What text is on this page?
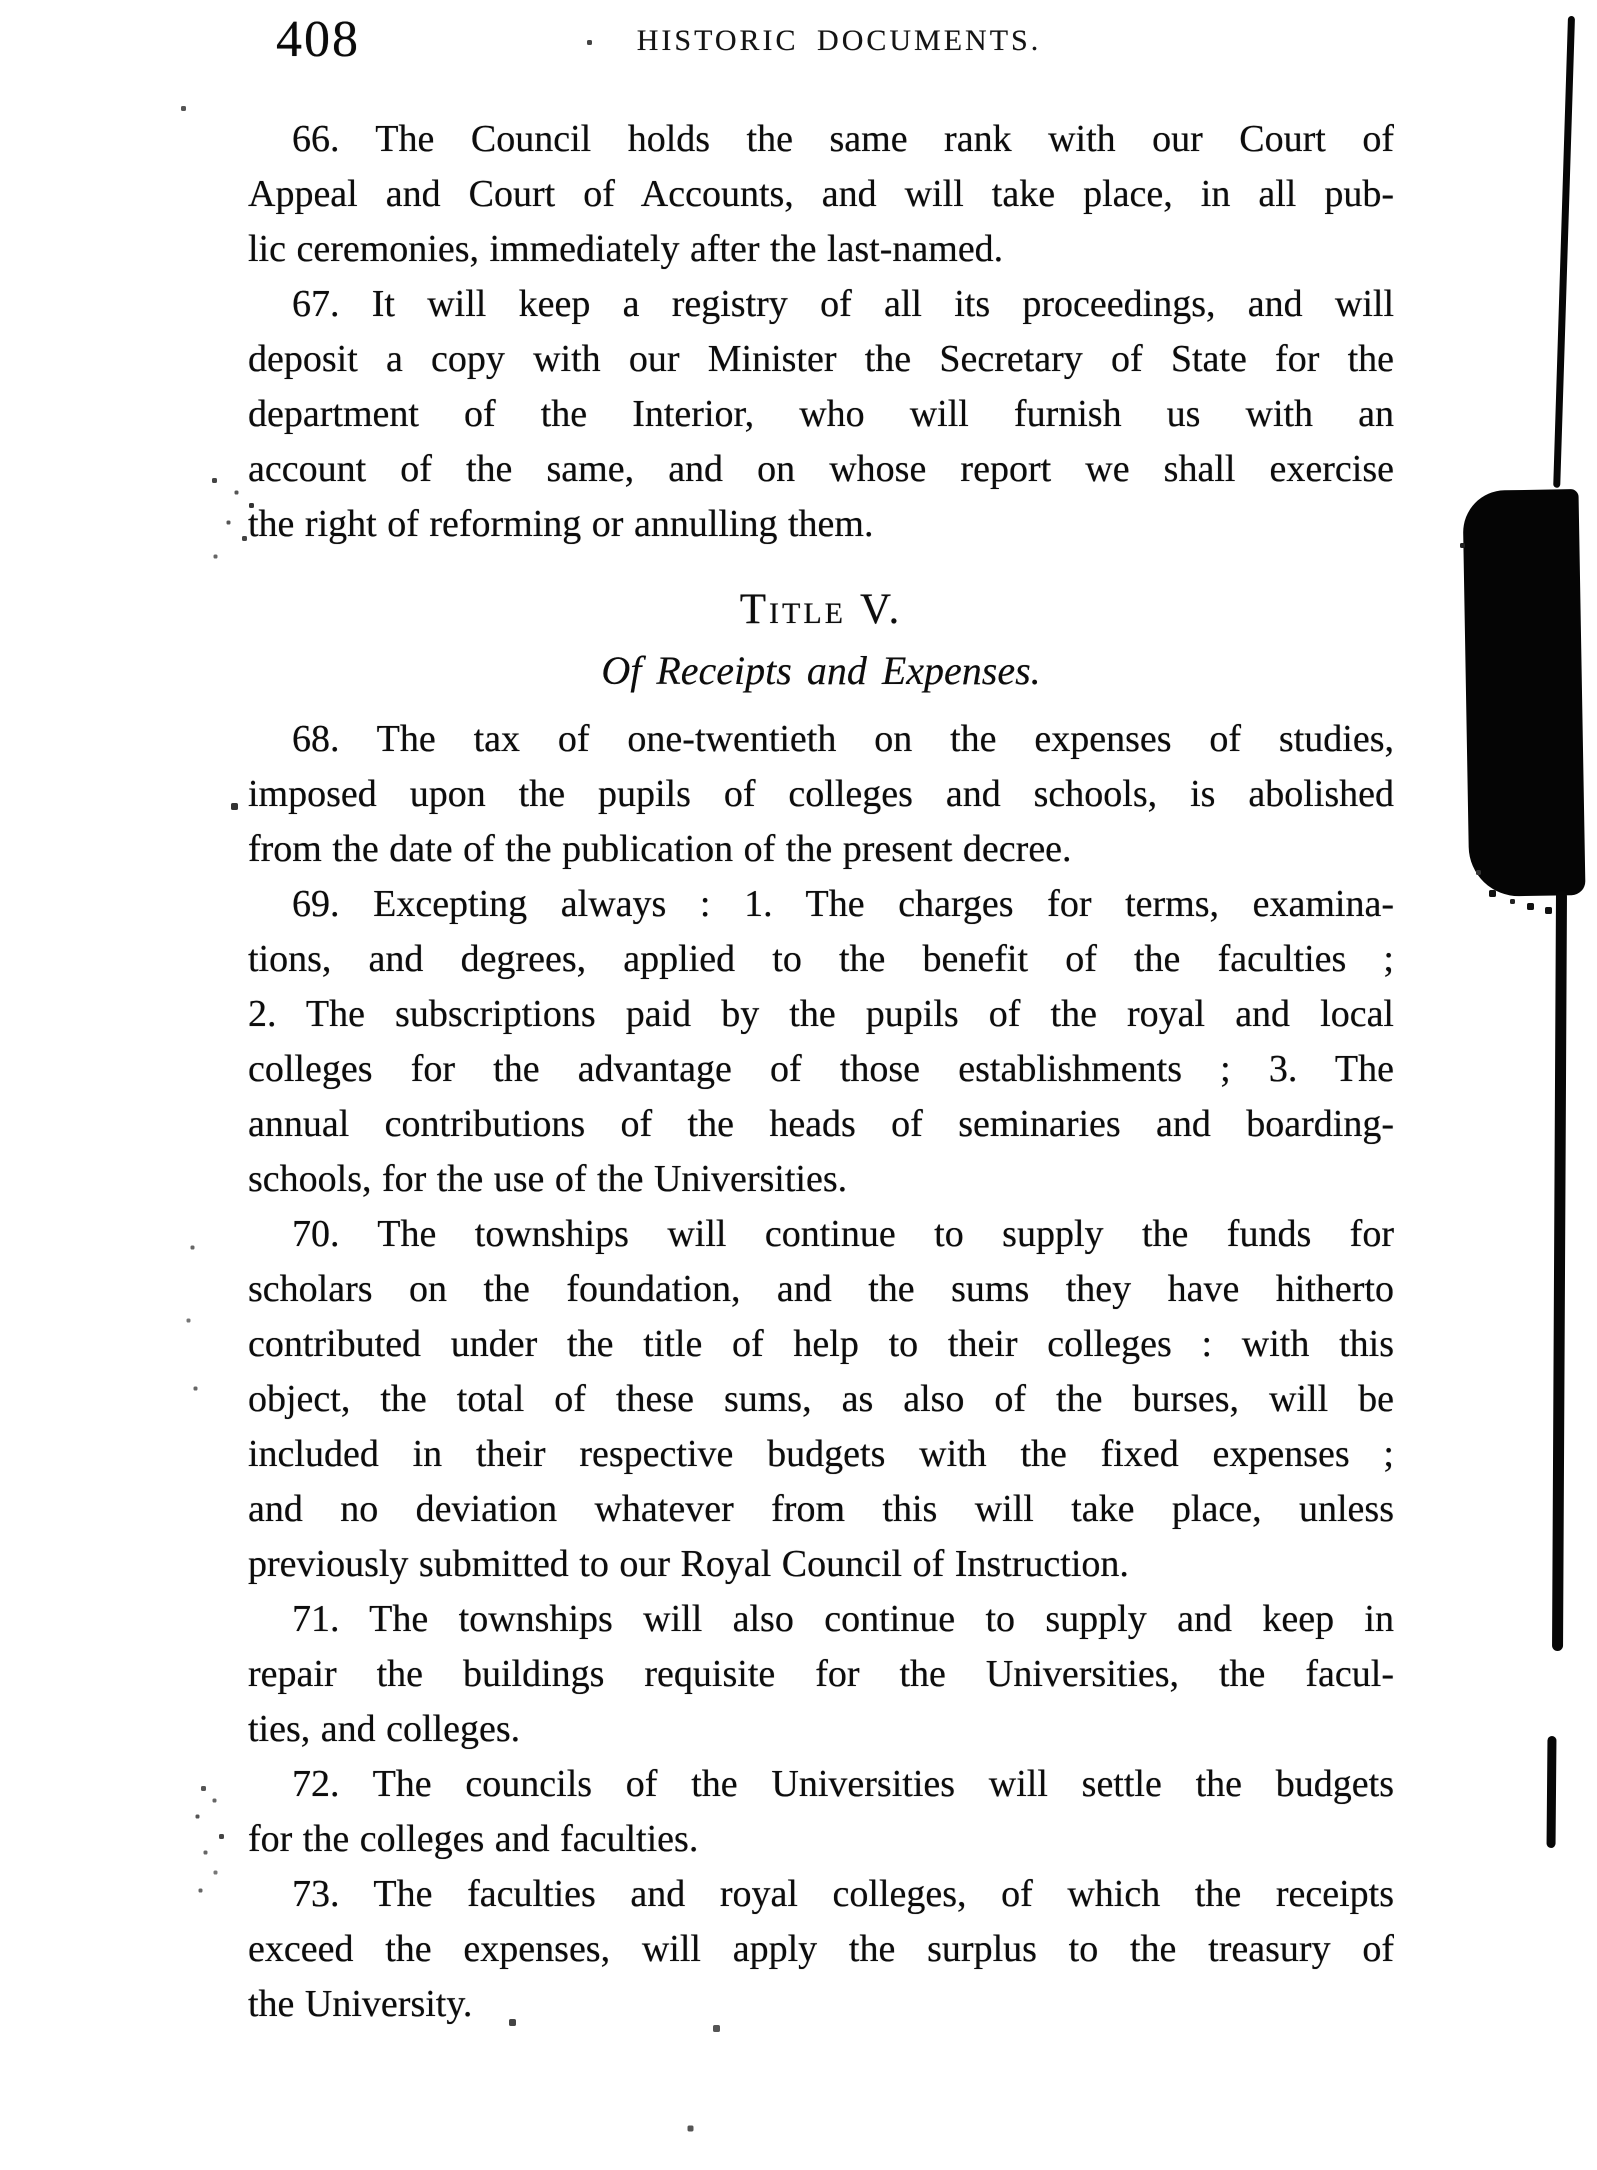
408	HISTORIC DOCUMENTS.
66. The Council holds the same rank with our Court of
Appeal and Court of Accounts, and will take place, in all pub-
lic ceremonies, immediately after the last-named.
67. It will keep a registry of all its proceedings, and will
deposit a copy with our Minister the Secretary of State for the
department of the Interior, who will furnish us with an
account of the same, and on whose report we shall exercise
the right of reforming or annulling them.
Title V.
Of Receipts and Expenses.
68. The tax of one-twentieth on the expenses of studies,
imposed upon the pupils of colleges and schools, is abolished
from the date of the publication of the present decree.
69. Excepting always : 1. The charges for terms, examina-
tions, and degrees, applied to the benefit of the faculties ;
2. The subscriptions paid by the pupils of the royal and local
colleges for the advantage of those establishments ; 3. The
annual contributions of the heads of seminaries and boarding-
schools, for the use of the Universities.
70. The townships will continue to supply the funds for
scholars on the foundation, and the sums they have hitherto
contributed under the title of help to their colleges : with this
object, the total of these sums, as also of the burses, will be
included in their respective budgets with the fixed expenses ;
and no deviation whatever from this will take place, unless
previously submitted to our Royal Council of Instruction.
71. The townships will also continue to supply and keep in
repair the buildings requisite for the Universities, the facul-
ties, and colleges.
72. The councils of the Universities will settle the budgets
for the colleges and faculties.
73. The faculties and royal colleges, of which the receipts
exceed the expenses, will apply the surplus to the treasury of
the University.
